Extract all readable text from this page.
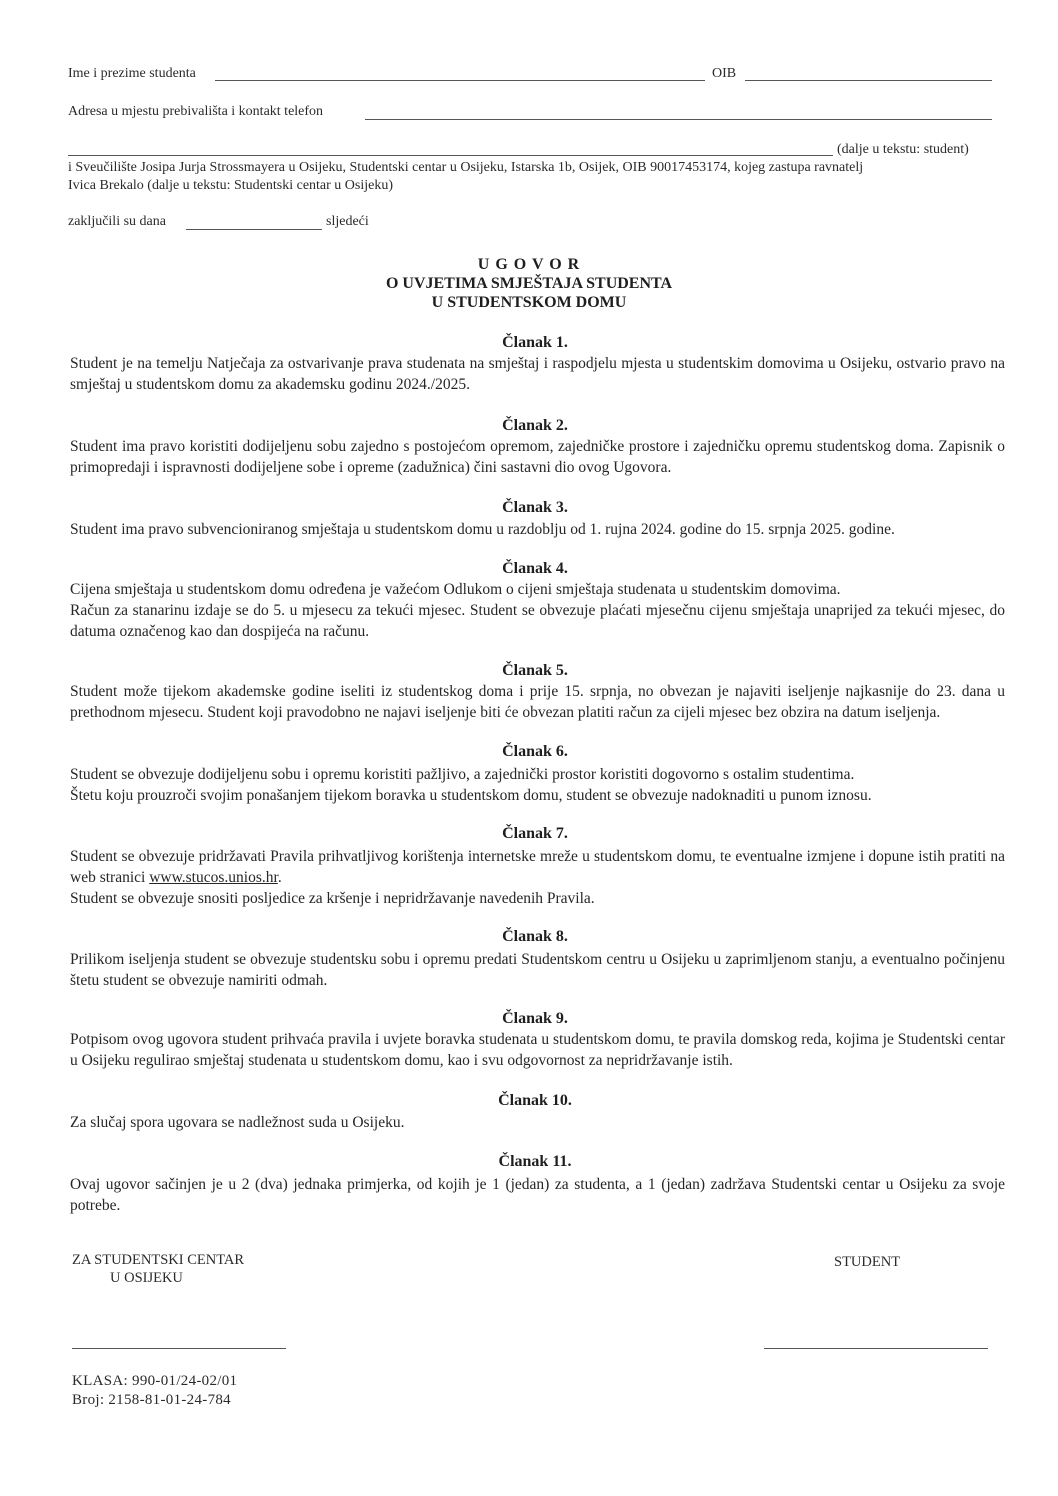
Ime i prezime studenta	OIB
Adresa u mjestu prebivališta i kontakt telefon
(dalje u tekstu: student)
i Sveučilište Josipa Jurja Strossmayera u Osijeku, Studentski centar u Osijeku, Istarska 1b, Osijek, OIB 90017453174, kojeg zastupa ravnatelj
Ivica Brekalo (dalje u tekstu: Studentski centar u Osijeku)
zaključili su dana	sljedeći
U G O V O R
O UVJETIMA SMJEŠTAJA STUDENTA
U STUDENTSKOM DOMU
Članak 1.
Student je na temelju Natječaja za ostvarivanje prava studenata na smještaj i raspodjelu mjesta u studentskim domovima u Osijeku, ostvario pravo na smještaj u studentskom domu za akademsku godinu 2024./2025.
Članak 2.
Student ima pravo koristiti dodijeljenu sobu zajedno s postojećom opremom, zajedničke prostore i zajedničku opremu studentskog doma. Zapisnik o primopredaji i ispravnosti dodijeljene sobe i opreme (zadužnica) čini sastavni dio ovog Ugovora.
Članak 3.
Student ima pravo subvencioniranog smještaja u studentskom domu u razdoblju od 1. rujna 2024. godine do 15. srpnja 2025. godine.
Članak 4.

Cijena smještaja u studentskom domu određena je važećom Odlukom o cijeni smještaja studenata u studentskim domovima.

Račun za stanarinu izdaje se do 5. u mjesecu za tekući mjesec. Student se obvezuje plaćati mjesečnu cijenu smještaja unaprijed za tekući mjesec, do datuma označenog kao dan dospijeća na računu.

Članak 5.
Student može tijekom akademske godine iseliti iz studentskog doma i prije 15. srpnja, no obvezan je najaviti iseljenje najkasnije do 23. dana u prethodnom mjesecu. Student koji pravodobno ne najavi iseljenje biti će obvezan platiti račun za cijeli mjesec bez obzira na datum iseljenja.
Članak 6.

Student se obvezuje dodijeljenu sobu i opremu koristiti pažljivo, a zajednički prostor koristiti dogovorno s ostalim studentima.

Štetu koju prouzroči svojim ponašanjem tijekom boravka u studentskom domu, student se obvezuje nadoknaditi u punom iznosu.

Članak 7.

Student se obvezuje pridržavati Pravila prihvatljivog korištenja internetske mreže u studentskom domu, te eventualne izmjene i dopune istih pratiti na web stranici www.stucos.unios.hr.

Student se obvezuje snositi posljedice za kršenje i nepridržavanje navedenih Pravila.

Članak 8.
Prilikom iseljenja student se obvezuje studentsku sobu i opremu predati Studentskom centru u Osijeku u zaprimljenom stanju, a eventualno počinjenu štetu student se obvezuje namiriti odmah.
Članak 9.
Potpisom ovog ugovora student prihvaća pravila i uvjete boravka studenata u studentskom domu, te pravila domskog reda, kojima je Studentski centar u Osijeku regulirao smještaj studenata u studentskom domu, kao i svu odgovornost za nepridržavanje istih.
Članak 10.
Za slučaj spora ugovara se nadležnost suda u Osijeku.
Članak 11.
Ovaj ugovor sačinjen je u 2 (dva) jednaka primjerka, od kojih je 1 (jedan) za studenta, a 1 (jedan) zadržava Studentski centar u Osijeku za svoje potrebe.
ZA STUDENTSKI CENTAR
U OSIJEKU
STUDENT
KLASA: 990-01/24-02/01
Broj: 2158-81-01-24-784
